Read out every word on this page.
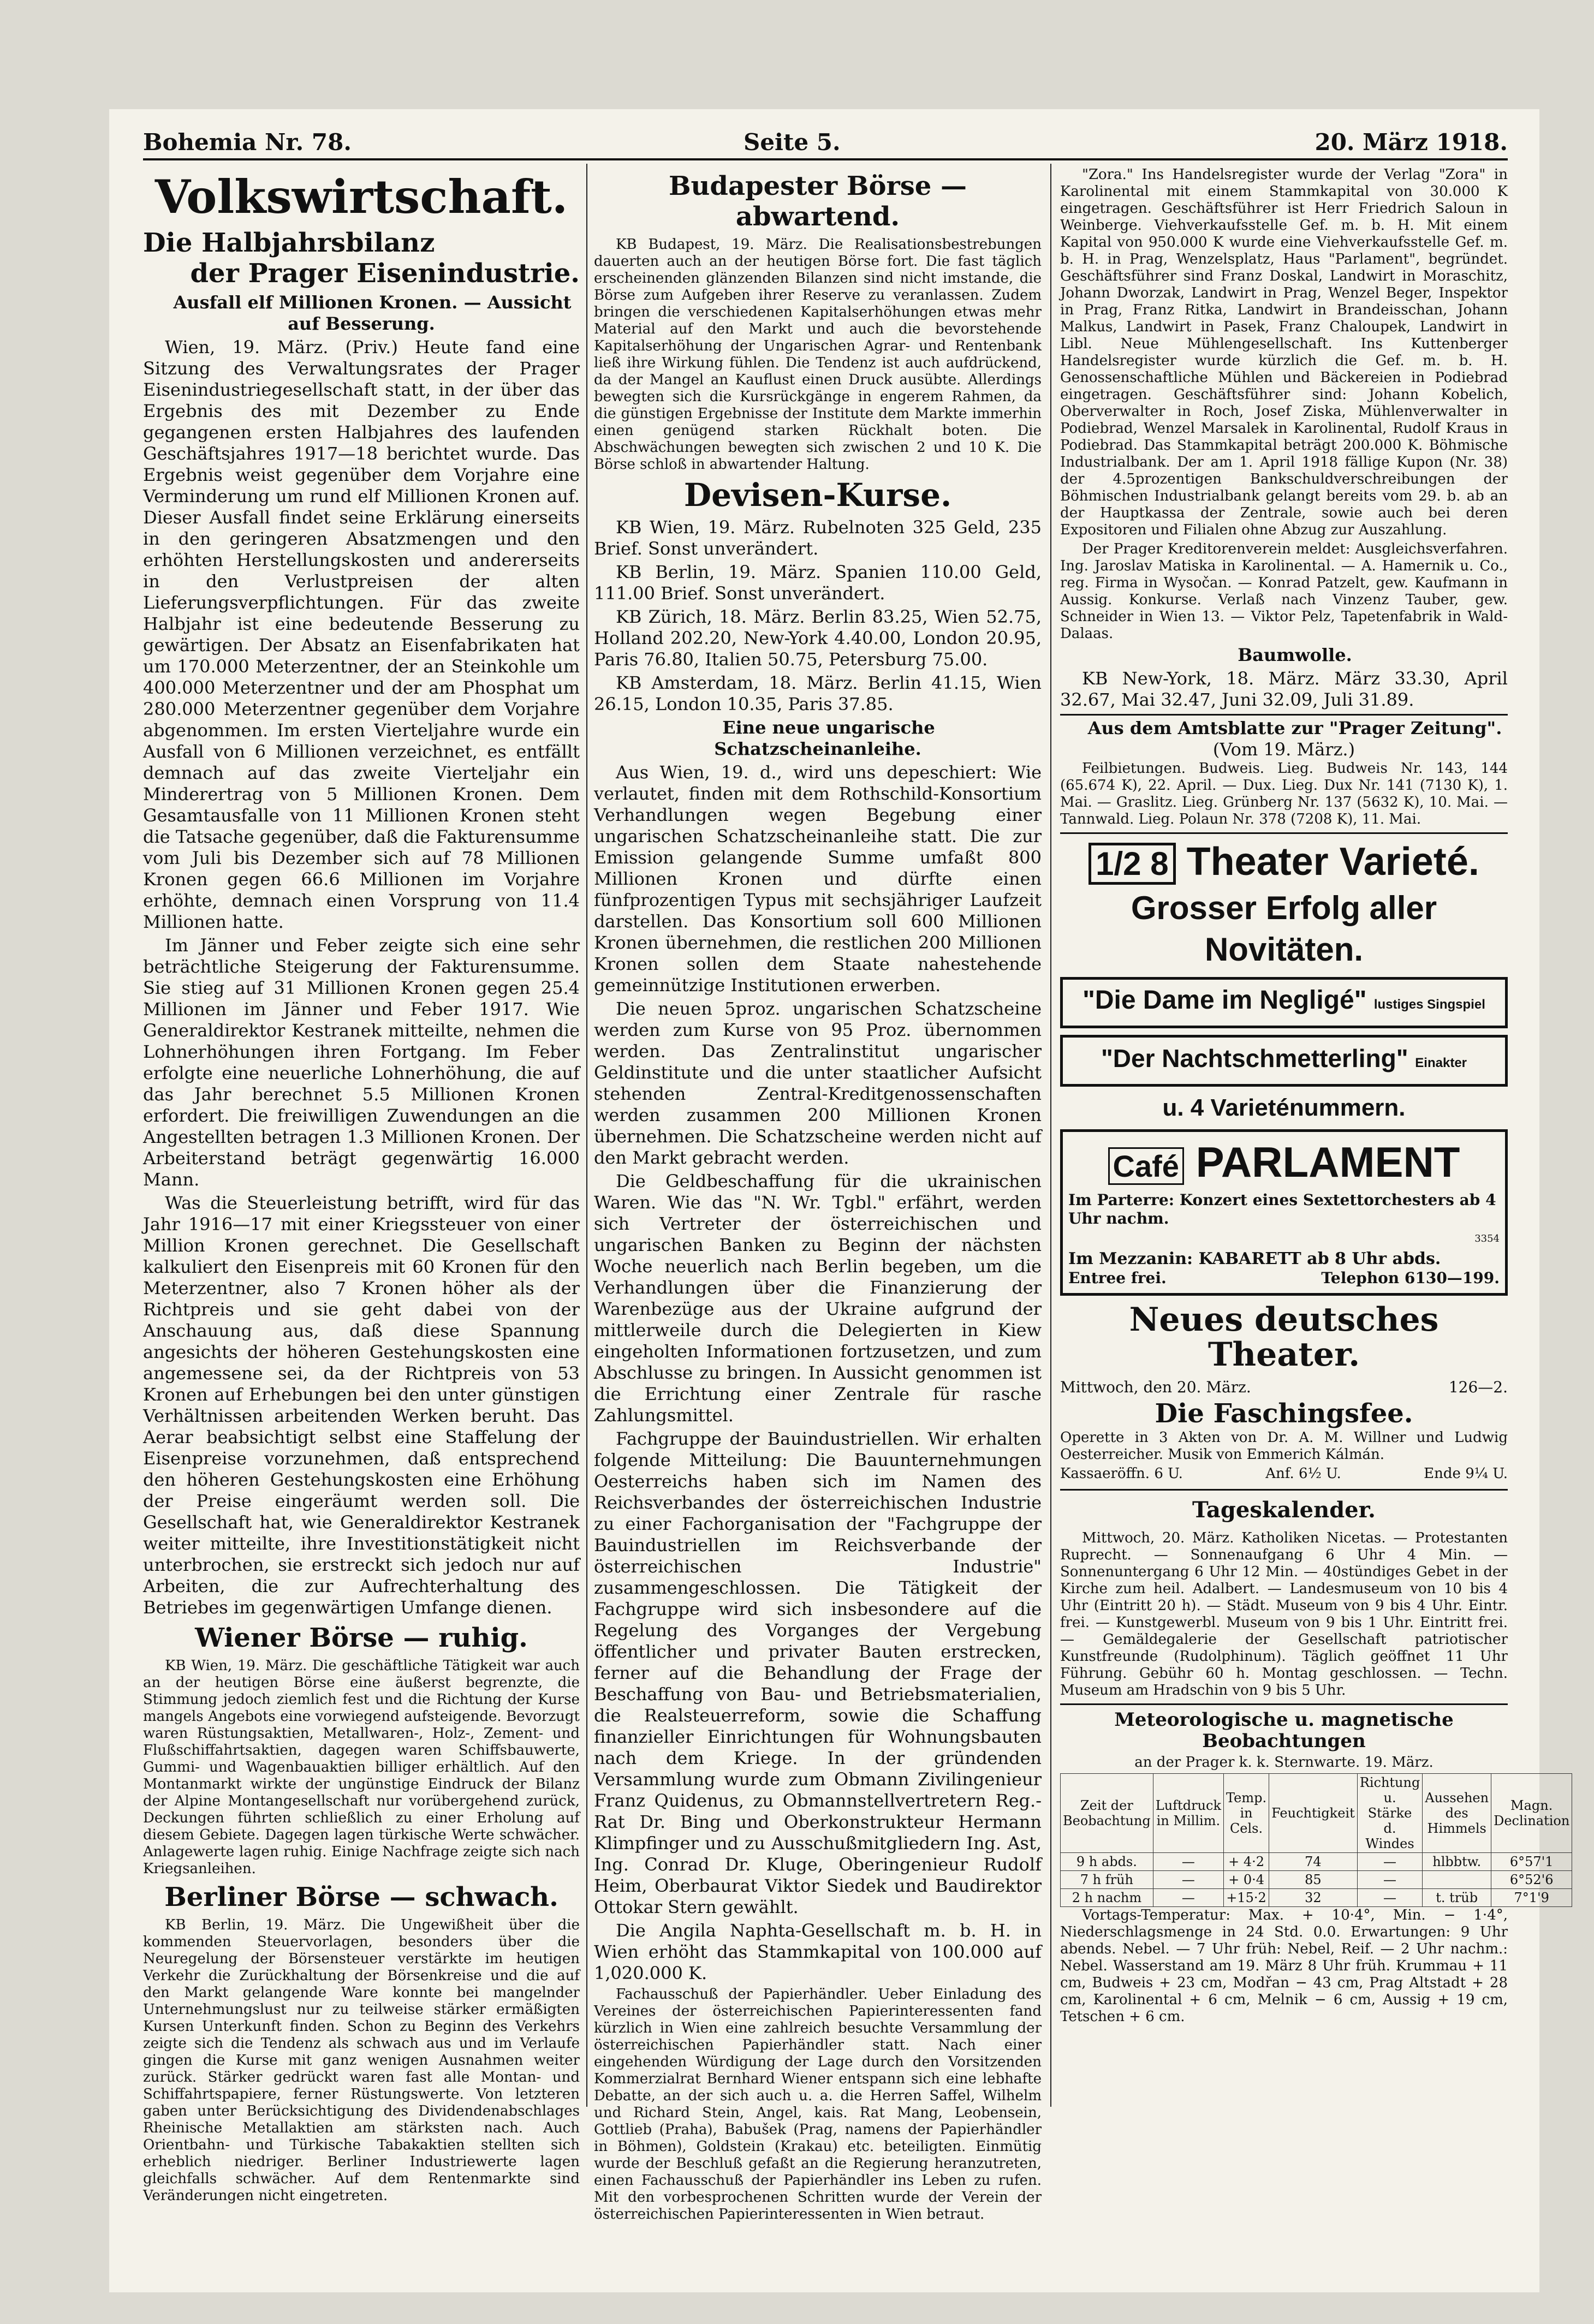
Bohemia Nr. 78.	Seite 5.	20. März 1918.
Volkswirtschaft.
Die Halbjahrsbilanz
der Prager Eisenindustrie.

Ausfall elf Millionen Kronen. — Aussicht auf Besserung.

Wien, 19. März. (Priv.) Heute fand eine Sitzung des Verwaltungsrates der Prager Eisenindustriegesellschaft statt, in der über das Ergebnis des mit Dezember zu Ende gegangenen ersten Halbjahres des laufenden Geschäftsjahres 1917—18 berichtet wurde. Das Ergebnis weist gegenüber dem Vorjahre eine Verminderung um rund elf Millionen Kronen auf. Dieser Ausfall findet seine Erklärung einerseits in den geringeren Absatzmengen und den erhöhten Herstellungskosten und andererseits in den Verlustpreisen der alten Lieferungsverpflichtungen. Für das zweite Halbjahr ist eine bedeutende Besserung zu gewärtigen. Der Absatz an Eisenfabrikaten hat um 170.000 Meterzentner, der an Steinkohle um 400.000 Meterzentner und der am Phosphat um 280.000 Meterzentner gegenüber dem Vorjahre abgenommen. Im ersten Vierteljahre wurde ein Ausfall von 6 Millionen verzeichnet, es entfällt demnach auf das zweite Vierteljahr ein Minderertrag von 5 Millionen Kronen. Dem Gesamtausfalle von 11 Millionen Kronen steht die Tatsache gegenüber, daß die Fakturensumme vom Juli bis Dezember sich auf 78 Millionen Kronen gegen 66.6 Millionen im Vorjahre erhöhte, demnach einen Vorsprung von 11.4 Millionen hatte.

Im Jänner und Feber zeigte sich eine sehr beträchtliche Steigerung der Fakturensumme. Sie stieg auf 31 Millionen Kronen gegen 25.4 Millionen im Jänner und Feber 1917. Wie Generaldirektor Kestranek mitteilte, nehmen die Lohnerhöhungen ihren Fortgang. Im Feber erfolgte eine neuerliche Lohnerhöhung, die auf das Jahr berechnet 5.5 Millionen Kronen erfordert. Die freiwilligen Zuwendungen an die Angestellten betragen 1.3 Millionen Kronen. Der Arbeiterstand beträgt gegenwärtig 16.000 Mann.

Was die Steuerleistung betrifft, wird für das Jahr 1916—17 mit einer Kriegssteuer von einer Million Kronen gerechnet. Die Gesellschaft kalkuliert den Eisenpreis mit 60 Kronen für den Meterzentner, also 7 Kronen höher als der Richtpreis und sie geht dabei von der Anschauung aus, daß diese Spannung angesichts der höheren Gestehungskosten eine angemessene sei, da der Richtpreis von 53 Kronen auf Erhebungen bei den unter günstigen Verhältnissen arbeitenden Werken beruht. Das Aerar beabsichtigt selbst eine Staffelung der Eisenpreise vorzunehmen, daß entsprechend den höheren Gestehungskosten eine Erhöhung der Preise eingeräumt werden soll. Die Gesellschaft hat, wie Generaldirektor Kestranek weiter mitteilte, ihre Investitionstätigkeit nicht unterbrochen, sie erstreckt sich jedoch nur auf Arbeiten, die zur Aufrechterhaltung des Betriebes im gegenwärtigen Umfange dienen.

Wiener Börse — ruhig.

KB Wien, 19. März. Die geschäftliche Tätigkeit war auch an der heutigen Börse eine äußerst begrenzte, die Stimmung jedoch ziemlich fest und die Richtung der Kurse mangels Angebots eine vorwiegend aufsteigende. Bevorzugt waren Rüstungsaktien, Metallwaren-, Holz-, Zement- und Flußschiffahrtsaktien, dagegen waren Schiffsbauwerte, Gummi- und Wagenbauaktien billiger erhältlich. Auf den Montanmarkt wirkte der ungünstige Eindruck der Bilanz der Alpine Montangesellschaft nur vorübergehend zurück, Deckungen führten schließlich zu einer Erholung auf diesem Gebiete. Dagegen lagen türkische Werte schwächer. Anlagewerte lagen ruhig. Einige Nachfrage zeigte sich nach Kriegsanleihen.

Berliner Börse — schwach.

KB Berlin, 19. März. Die Ungewißheit über die kommenden Steuervorlagen, besonders über die Neuregelung der Börsensteuer verstärkte im heutigen Verkehr die Zurückhaltung der Börsenkreise und die auf den Markt gelangende Ware konnte bei mangelnder Unternehmungslust nur zu teilweise stärker ermäßigten Kursen Unterkunft finden. Schon zu Beginn des Verkehrs zeigte sich die Tendenz als schwach aus und im Verlaufe gingen die Kurse mit ganz wenigen Ausnahmen weiter zurück. Stärker gedrückt waren fast alle Montan- und Schiffahrtspapiere, ferner Rüstungswerte. Von letzteren gaben unter Berücksichtigung des Dividendenabschlages Rheinische Metallaktien am stärksten nach. Auch Orientbahn- und Türkische Tabakaktien stellten sich erheblich niedriger. Berliner Industriewerte lagen gleichfalls schwächer. Auf dem Rentenmarkte sind Veränderungen nicht eingetreten.

Budapester Börse — abwartend.

KB Budapest, 19. März. Die Realisationsbestrebungen dauerten auch an der heutigen Börse fort. Die fast täglich erscheinenden glänzenden Bilanzen sind nicht imstande, die Börse zum Aufgeben ihrer Reserve zu veranlassen. Zudem bringen die verschiedenen Kapitalserhöhungen etwas mehr Material auf den Markt und auch die bevorstehende Kapitalserhöhung der Ungarischen Agrar- und Rentenbank ließ ihre Wirkung fühlen. Die Tendenz ist auch aufdrückend, da der Mangel an Kauflust einen Druck ausübte. Allerdings bewegten sich die Kursrückgänge in engerem Rahmen, da die günstigen Ergebnisse der Institute dem Markte immerhin einen genügend starken Rückhalt boten. Die Abschwächungen bewegten sich zwischen 2 und 10 K. Die Börse schloß in abwartender Haltung.

Devisen-Kurse.

KB Wien, 19. März. Rubelnoten 325 Geld, 235 Brief. Sonst unverändert.

KB Berlin, 19. März. Spanien 110.00 Geld, 111.00 Brief. Sonst unverändert.

KB Zürich, 18. März. Berlin 83.25, Wien 52.75, Holland 202.20, New-York 4.40.00, London 20.95, Paris 76.80, Italien 50.75, Petersburg 75.00.

KB Amsterdam, 18. März. Berlin 41.15, Wien 26.15, London 10.35, Paris 37.85.

Eine neue ungarische Schatzscheinanleihe.

Aus Wien, 19. d., wird uns depeschiert: Wie verlautet, finden mit dem Rothschild-Konsortium Verhandlungen wegen Begebung einer ungarischen Schatzscheinanleihe statt. Die zur Emission gelangende Summe umfaßt 800 Millionen Kronen und dürfte einen fünfprozentigen Typus mit sechsjähriger Laufzeit darstellen. Das Konsortium soll 600 Millionen Kronen übernehmen, die restlichen 200 Millionen Kronen sollen dem Staate nahestehende gemeinnützige Institutionen erwerben.

Die neuen 5proz. ungarischen Schatzscheine werden zum Kurse von 95 Proz. übernommen werden. Das Zentralinstitut ungarischer Geldinstitute und die unter staatlicher Aufsicht stehenden Zentral-Kreditgenossenschaften werden zusammen 200 Millionen Kronen übernehmen. Die Schatzscheine werden nicht auf den Markt gebracht werden.

Die Geldbeschaffung für die ukrainischen Waren. Wie das "N. Wr. Tgbl." erfährt, werden sich Vertreter der österreichischen und ungarischen Banken zu Beginn der nächsten Woche neuerlich nach Berlin begeben, um die Verhandlungen über die Finanzierung der Warenbezüge aus der Ukraine aufgrund der mittlerweile durch die Delegierten in Kiew eingeholten Informationen fortzusetzen, und zum Abschlusse zu bringen. In Aussicht genommen ist die Errichtung einer Zentrale für rasche Zahlungsmittel.

Fachgruppe der Bauindustriellen. Wir erhalten folgende Mitteilung: Die Bauunternehmungen Oesterreichs haben sich im Namen des Reichsverbandes der österreichischen Industrie zu einer Fachorganisation der "Fachgruppe der Bauindustriellen im Reichsverbande der österreichischen Industrie" zusammengeschlossen. Die Tätigkeit der Fachgruppe wird sich insbesondere auf die Regelung des Vorganges der Vergebung öffentlicher und privater Bauten erstrecken, ferner auf die Behandlung der Frage der Beschaffung von Bau- und Betriebsmaterialien, die Realsteuerreform, sowie die Schaffung finanzieller Einrichtungen für Wohnungsbauten nach dem Kriege. In der gründenden Versammlung wurde zum Obmann Zivilingenieur Franz Quidenus, zu Obmannstellvertretern Reg.-Rat Dr. Bing und Oberkonstrukteur Hermann Klimpfinger und zu Ausschußmitgliedern Ing. Ast, Ing. Conrad Dr. Kluge, Oberingenieur Rudolf Heim, Oberbaurat Viktor Siedek und Baudirektor Ottokar Stern gewählt.

Die Angila Naphta-Gesellschaft m. b. H. in Wien erhöht das Stammkapital von 100.000 auf 1,020.000 K.

Fachausschuß der Papierhändler. Ueber Einladung des Vereines der österreichischen Papierinteressenten fand kürzlich in Wien eine zahlreich besuchte Versammlung der österreichischen Papierhändler statt. Nach einer eingehenden Würdigung der Lage durch den Vorsitzenden Kommerzialrat Bernhard Wiener entspann sich eine lebhafte Debatte, an der sich auch u. a. die Herren Saffel, Wilhelm und Richard Stein, Angel, kais. Rat Mang, Leobensein, Gottlieb (Praha), Babušek (Prag, namens der Papierhändler in Böhmen), Goldstein (Krakau) etc. beteiligten. Einmütig wurde der Beschluß gefaßt an die Regierung heranzutreten, einen Fachausschuß der Papierhändler ins Leben zu rufen. Mit den vorbesprochenen Schritten wurde der Verein der österreichischen Papierinteressenten in Wien betraut.

"Zora." Ins Handelsregister wurde der Verlag "Zora" in Karolinental mit einem Stammkapital von 30.000 K eingetragen. Geschäftsführer ist Herr Friedrich Saloun in Weinberge. Viehverkaufsstelle Gef. m. b. H. Mit einem Kapital von 950.000 K wurde eine Viehverkaufsstelle Gef. m. b. H. in Prag, Wenzelsplatz, Haus "Parlament", begründet. Geschäftsführer sind Franz Doskal, Landwirt in Moraschitz, Johann Dworzak, Landwirt in Prag, Wenzel Beger, Inspektor in Prag, Franz Ritka, Landwirt in Brandeisschan, Johann Malkus, Landwirt in Pasek, Franz Chaloupek, Landwirt in Libl. Neue Mühlengesellschaft. Ins Kuttenberger Handelsregister wurde kürzlich die Gef. m. b. H. Genossenschaftliche Mühlen und Bäckereien in Podiebrad eingetragen. Geschäftsführer sind: Johann Kobelich, Oberverwalter in Roch, Josef Ziska, Mühlenverwalter in Podiebrad, Wenzel Marsalek in Karolinental, Rudolf Kraus in Podiebrad. Das Stammkapital beträgt 200.000 K. Böhmische Industrialbank. Der am 1. April 1918 fällige Kupon (Nr. 38) der 4.5prozentigen Bankschuldverschreibungen der Böhmischen Industrialbank gelangt bereits vom 29. b. ab an der Hauptkassa der Zentrale, sowie auch bei deren Expositoren und Filialen ohne Abzug zur Auszahlung.

Der Prager Kreditorenverein meldet: Ausgleichsverfahren. Ing. Jaroslav Matiska in Karolinental. — A. Hamernik u. Co., reg. Firma in Wysočan. — Konrad Patzelt, gew. Kaufmann in Aussig. Konkurse. Verlaß nach Vinzenz Tauber, gew. Schneider in Wien 13. — Viktor Pelz, Tapetenfabrik in Wald-Dalaas.

Baumwolle.

KB New-York, 18. März. März 33.30, April 32.67, Mai 32.47, Juni 32.09, Juli 31.89.

Aus dem Amtsblatte zur "Prager Zeitung".

(Vom 19. März.)

Feilbietungen. Budweis. Lieg. Budweis Nr. 143, 144 (65.674 K), 22. April. — Dux. Lieg. Dux Nr. 141 (7130 K), 1. Mai. — Graslitz. Lieg. Grünberg Nr. 137 (5632 K), 10. Mai. — Tannwald. Lieg. Polaun Nr. 378 (7208 K), 11. Mai.

1/2 8 Theater Varieté.
Grosser Erfolg aller Novitäten.
"Die Dame im Negligé" lustiges Singspiel
"Der Nachtschmetterling" Einakter
u. 4 Varieténummern.
Café PARLAMENT
Im Parterre: Konzert eines Sextettorchesters ab 4 Uhr nachm.
3354
Im Mezzanin: KABARETT ab 8 Uhr abds.
Entree frei.	Telephon 6130—199.
Neues deutsches Theater.
Mittwoch, den 20. März.	126—2.
Die Faschingsfee.
Operette in 3 Akten von Dr. A. M. Willner und Ludwig Oesterreicher. Musik von Emmerich Kálmán.
Kassaeröffn. 6 U.	Anf. 6½ U.	Ende 9¼ U.
Tageskalender.

Mittwoch, 20. März. Katholiken Nicetas. — Protestanten Ruprecht. — Sonnenaufgang 6 Uhr 4 Min. — Sonnenuntergang 6 Uhr 12 Min. — 40stündiges Gebet in der Kirche zum heil. Adalbert. — Landesmuseum von 10 bis 4 Uhr (Eintritt 20 h). — Städt. Museum von 9 bis 4 Uhr. Eintr. frei. — Kunstgewerbl. Museum von 9 bis 1 Uhr. Eintritt frei. — Gemäldegalerie der Gesellschaft patriotischer Kunstfreunde (Rudolphinum). Täglich geöffnet 11 Uhr Führung. Gebühr 60 h. Montag geschlossen. — Techn. Museum am Hradschin von 9 bis 5 Uhr.

Meteorologische u. magnetische Beobachtungen
an der Prager k. k. Sternwarte. 19. März.
Zeit der Beobachtung	Luftdruck in Millim.	Temp. in Cels.	Feuchtigkeit	Richtung u. Stärke d. Windes	Aussehen des Himmels	Magn. Declination
9 h abds.	—	+ 4·2	74	—	hlbbtw.	6°57'1
7 h früh	—	+ 0·4	85	—		6°52'6
2 h nachm	—	+15·2	32	—	t. trüb	7°1'9

Vortags-Temperatur: Max. + 10·4°, Min. − 1·4°, Niederschlagsmenge in 24 Std. 0.0. Erwartungen: 9 Uhr abends. Nebel. — 7 Uhr früh: Nebel, Reif. — 2 Uhr nachm.: Nebel. Wasserstand am 19. März 8 Uhr früh. Krummau + 11 cm, Budweis + 23 cm, Modřan − 43 cm, Prag Altstadt + 28 cm, Karolinental + 6 cm, Melnik − 6 cm, Aussig + 19 cm, Tetschen + 6 cm.
